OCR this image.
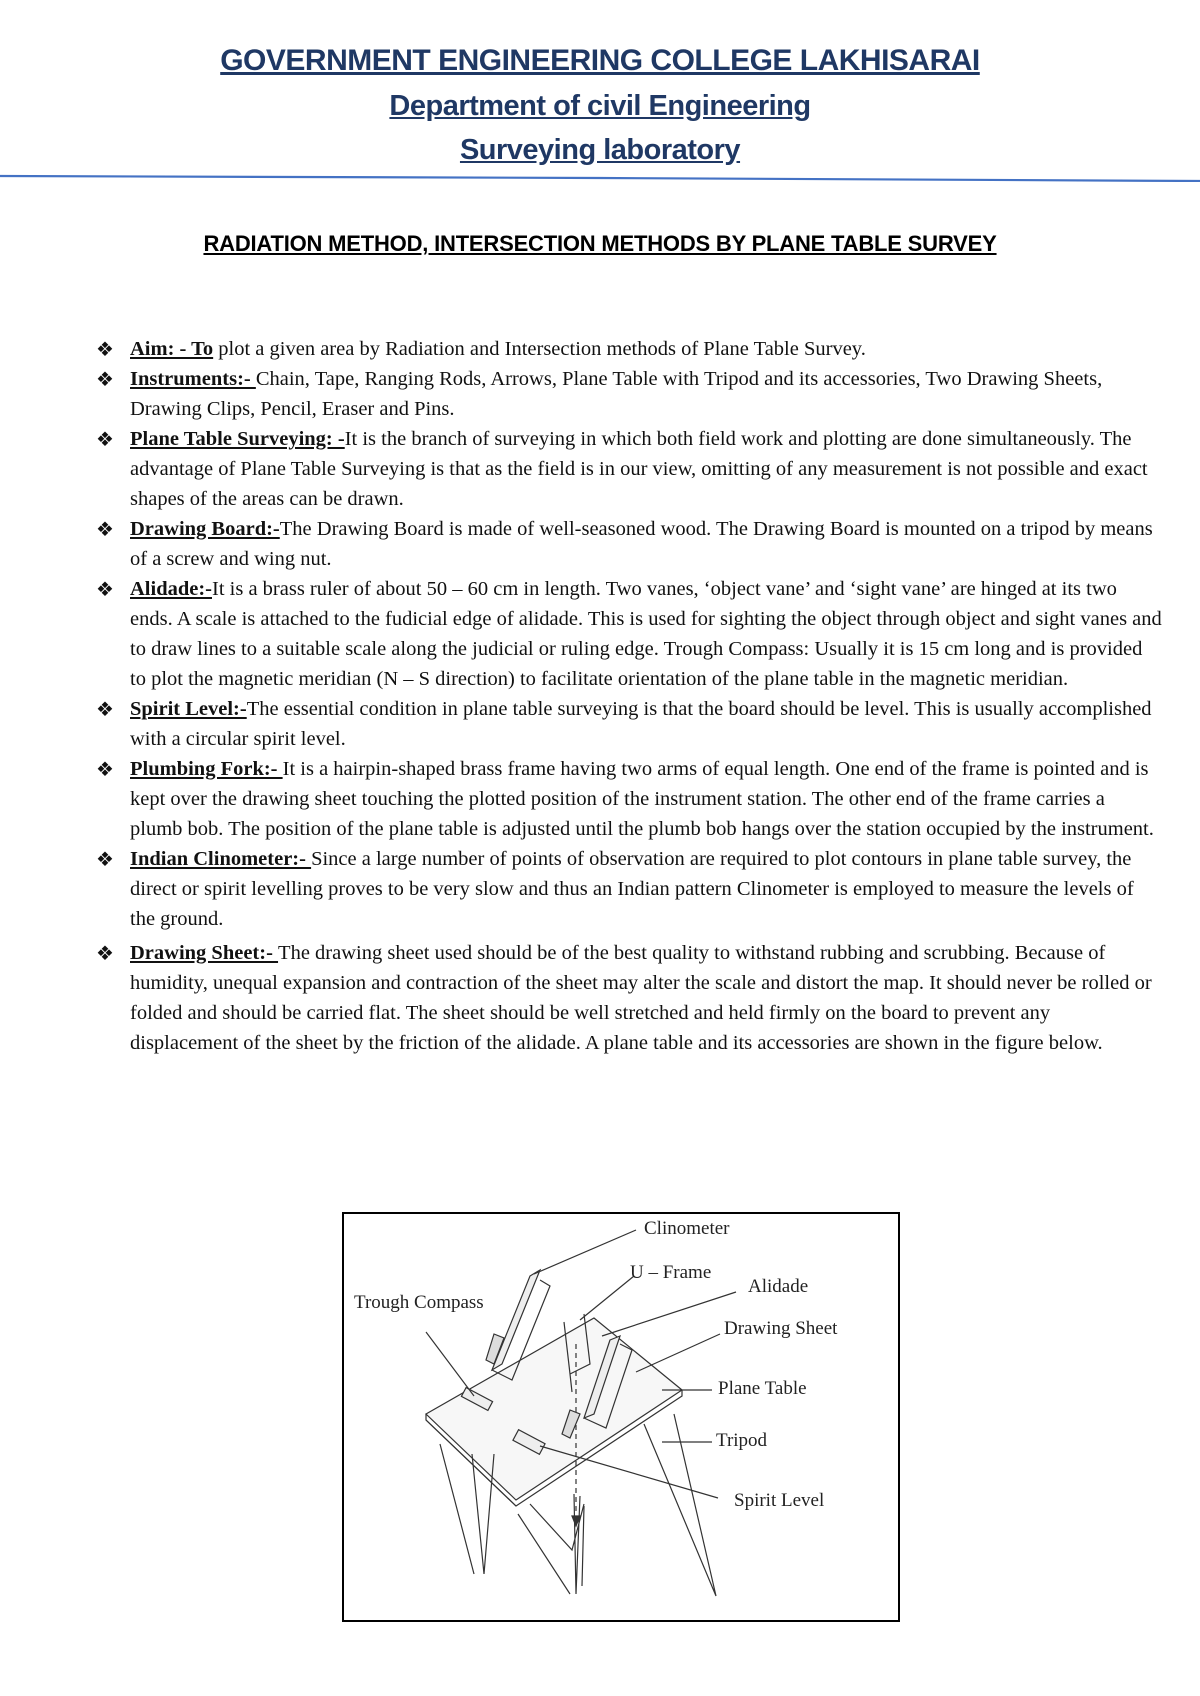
GOVERNMENT ENGINEERING COLLEGE LAKHISARAI
Department of civil Engineering
Surveying laboratory
RADIATION METHOD, INTERSECTION METHODS BY PLANE TABLE SURVEY
❖ Aim: - To plot a given area by Radiation and Intersection methods of Plane Table Survey.
❖ Instruments:- Chain, Tape, Ranging Rods, Arrows, Plane Table with Tripod and its accessories, Two Drawing Sheets, Drawing Clips, Pencil, Eraser and Pins.
❖ Plane Table Surveying: -It is the branch of surveying in which both field work and plotting are done simultaneously. The advantage of Plane Table Surveying is that as the field is in our view, omitting of any measurement is not possible and exact shapes of the areas can be drawn.
❖ Drawing Board:-The Drawing Board is made of well-seasoned wood. The Drawing Board is mounted on a tripod by means of a screw and wing nut.
❖ Alidade:-It is a brass ruler of about 50 – 60 cm in length. Two vanes, ‘object vane’ and ‘sight vane’ are hinged at its two ends. A scale is attached to the fudicial edge of alidade. This is used for sighting the object through object and sight vanes and to draw lines to a suitable scale along the judicial or ruling edge. Trough Compass: Usually it is 15 cm long and is provided to plot the magnetic meridian (N – S direction) to facilitate orientation of the plane table in the magnetic meridian.
❖ Spirit Level:-The essential condition in plane table surveying is that the board should be level. This is usually accomplished with a circular spirit level.
❖ Plumbing Fork:- It is a hairpin-shaped brass frame having two arms of equal length. One end of the frame is pointed and is kept over the drawing sheet touching the plotted position of the instrument station. The other end of the frame carries a plumb bob. The position of the plane table is adjusted until the plumb bob hangs over the station occupied by the instrument.
❖ Indian Clinometer:- Since a large number of points of observation are required to plot contours in plane table survey, the direct or spirit levelling proves to be very slow and thus an Indian pattern Clinometer is employed to measure the levels of the ground.
❖ Drawing Sheet:- The drawing sheet used should be of the best quality to withstand rubbing and scrubbing. Because of humidity, unequal expansion and contraction of the sheet may alter the scale and distort the map. It should never be rolled or folded and should be carried flat. The sheet should be well stretched and held firmly on the board to prevent any displacement of the sheet by the friction of the alidade. A plane table and its accessories are shown in the figure below.
Clinometer
U – Frame
Alidade
Trough Compass
Drawing Sheet
Plane Table
Tripod
Spirit Level
